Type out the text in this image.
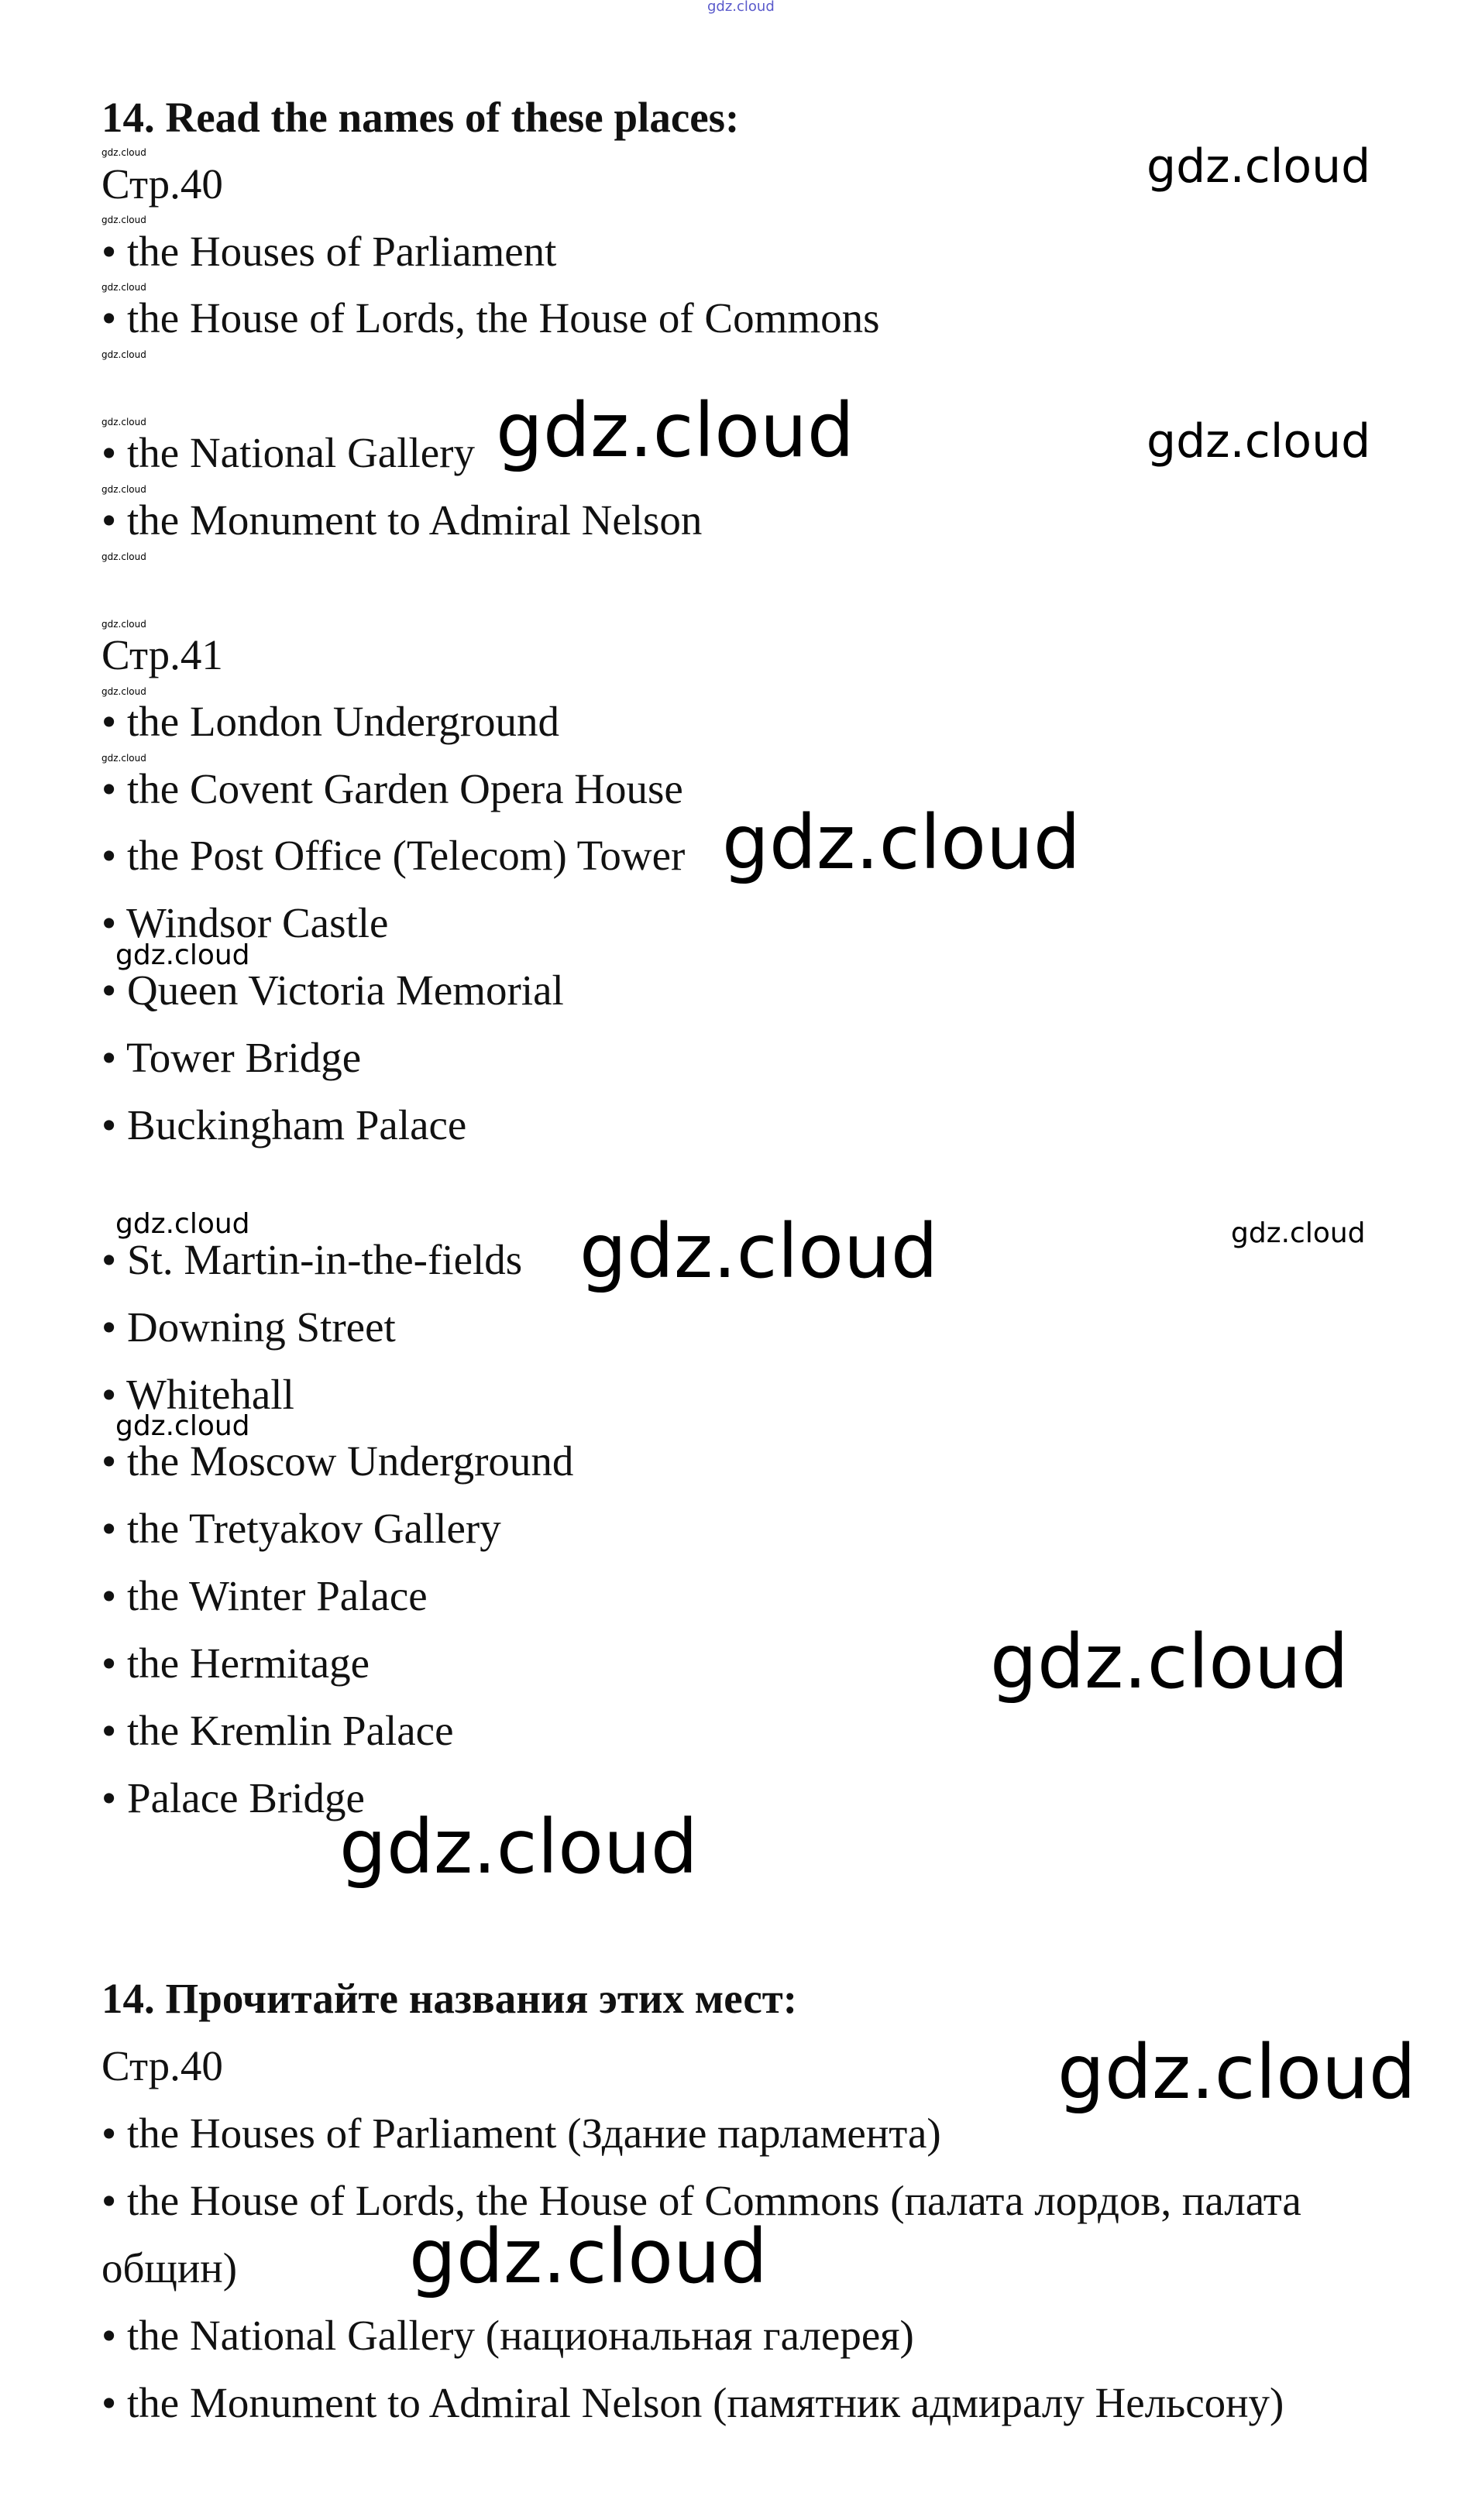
gdz.cloud
14. Read the names of these places:
Стр.40
• the Houses of Parliament
• the House of Lords, the House of Commons
• the National Gallery
• the Monument to Admiral Nelson
Стр.41
• the London Underground
• the Covent Garden Opera House
• the Post Office (Telecom) Tower
• Windsor Castle
• Queen Victoria Memorial
• Tower Bridge
• Buckingham Palace
• St. Martin-in-the-fields
• Downing Street
• Whitehall
• the Moscow Underground
• the Tretyakov Gallery
• the Winter Palace
• the Hermitage
• the Kremlin Palace
• Palace Bridge
14. Прочитайте названия этих мест:
Стр.40
• the Houses of Parliament (Здание парламента)
• the House of Lords, the House of Commons (палата лордов, палата
общин)
• the National Gallery (национальная галерея)
• the Monument to Admiral Nelson (памятник адмиралу Нельсону)
gdz.cloud
gdz.cloud
gdz.cloud
gdz.cloud
gdz.cloud
gdz.cloud
gdz.cloud
gdz.cloud
gdz.cloud
gdz.cloud
gdz.cloud
gdz.cloud	gdz.cloud
gdz.cloud
gdz.cloud
gdz.cloud
gdz.cloud
gdz.cloud
gdz.cloud
gdz.cloud
gdz.cloud
gdz.cloud
gdz.cloud
